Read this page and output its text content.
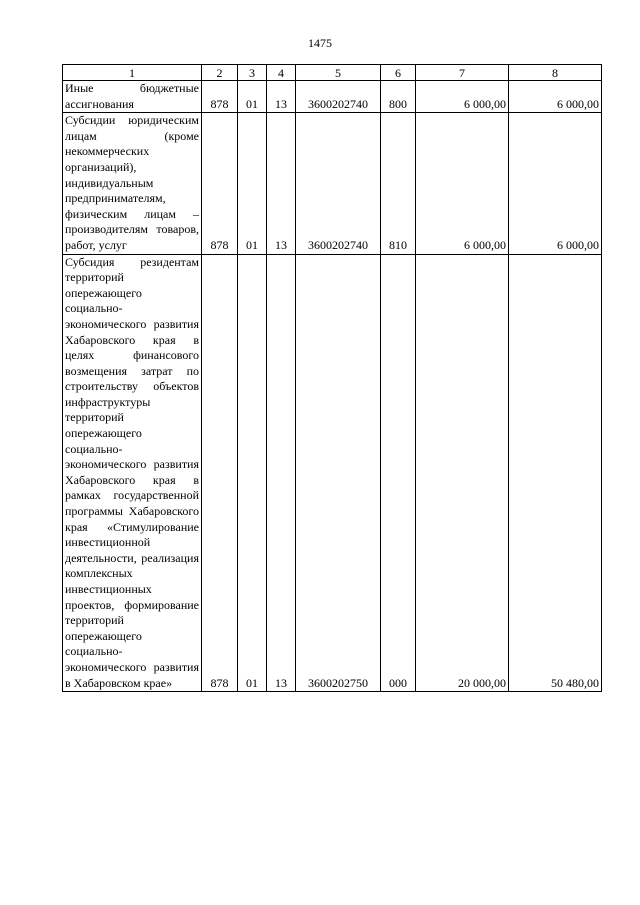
1475
1	2	3	4	5	6	7	8
Иные бюджетные ассигнования	878	01	13	3600202740	800	6 000,00	6 000,00
Субсидии юридическим лицам (кроме некоммерческих организаций), индивидуальным предпринимателям, физическим лицам – производителям товаров, работ, услуг	878	01	13	3600202740	810	6 000,00	6 000,00
Субсидия резидентам территорий опережающего социально-экономического развития Хабаровского края в целях финансового возмещения затрат по строительству объектов инфраструктуры территорий опережающего социально-экономического развития Хабаровского края в рамках государственной программы Хабаровского края «Стимулирование инвестиционной деятельности, реализация комплексных инвестиционных проектов, формирование территорий опережающего социально-экономического развития в Хабаровском крае»	878	01	13	3600202750	000	20 000,00	50 480,00
